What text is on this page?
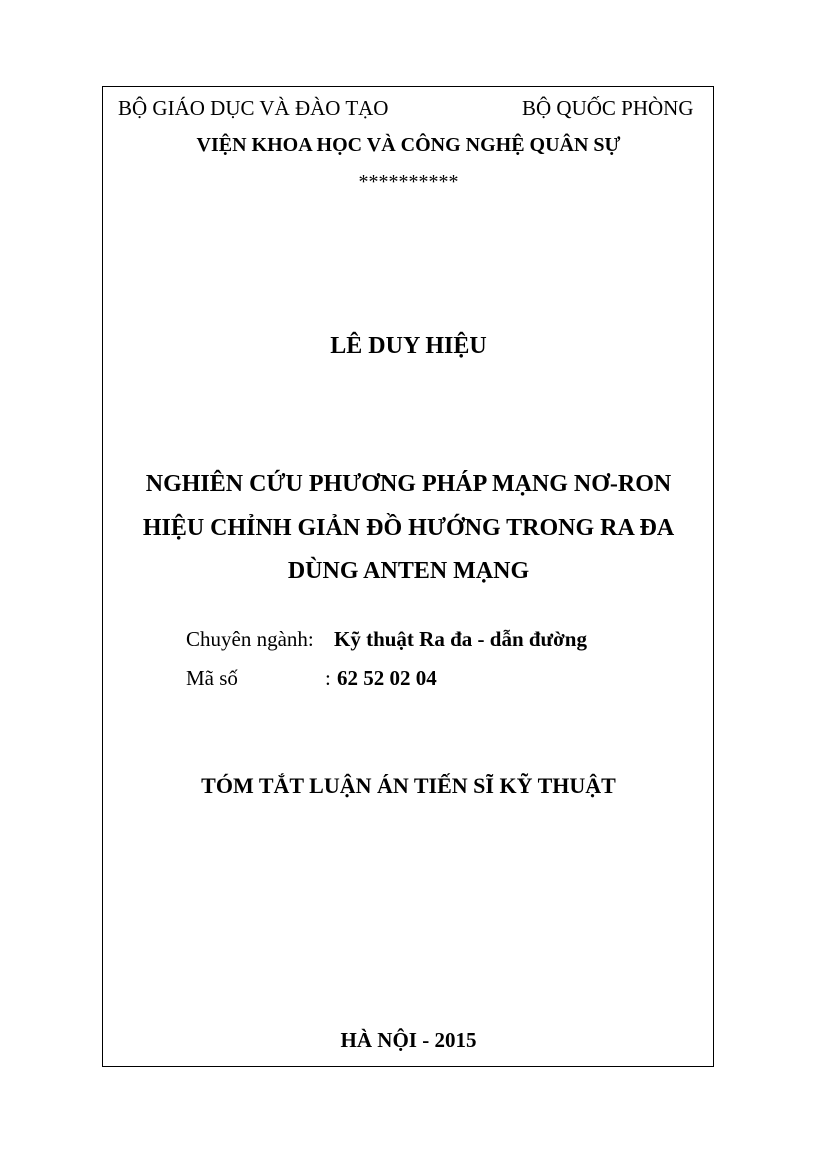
BỘ GIÁO DỤC VÀ ĐÀO TẠO	BỘ QUỐC PHÒNG
VIỆN KHOA HỌC VÀ CÔNG NGHỆ QUÂN SỰ
**********
LÊ DUY HIỆU
NGHIÊN CỨU PHƯƠNG PHÁP MẠNG NƠ-RON
HIỆU CHỈNH GIẢN ĐỒ HƯỚNG TRONG RA ĐA
DÙNG ANTEN MẠNG
Chuyên ngành: Kỹ thuật Ra đa - dẫn đường
Mã số	: 62 52 02 04
TÓM TẮT LUẬN ÁN TIẾN SĨ KỸ THUẬT
HÀ NỘI - 2015
